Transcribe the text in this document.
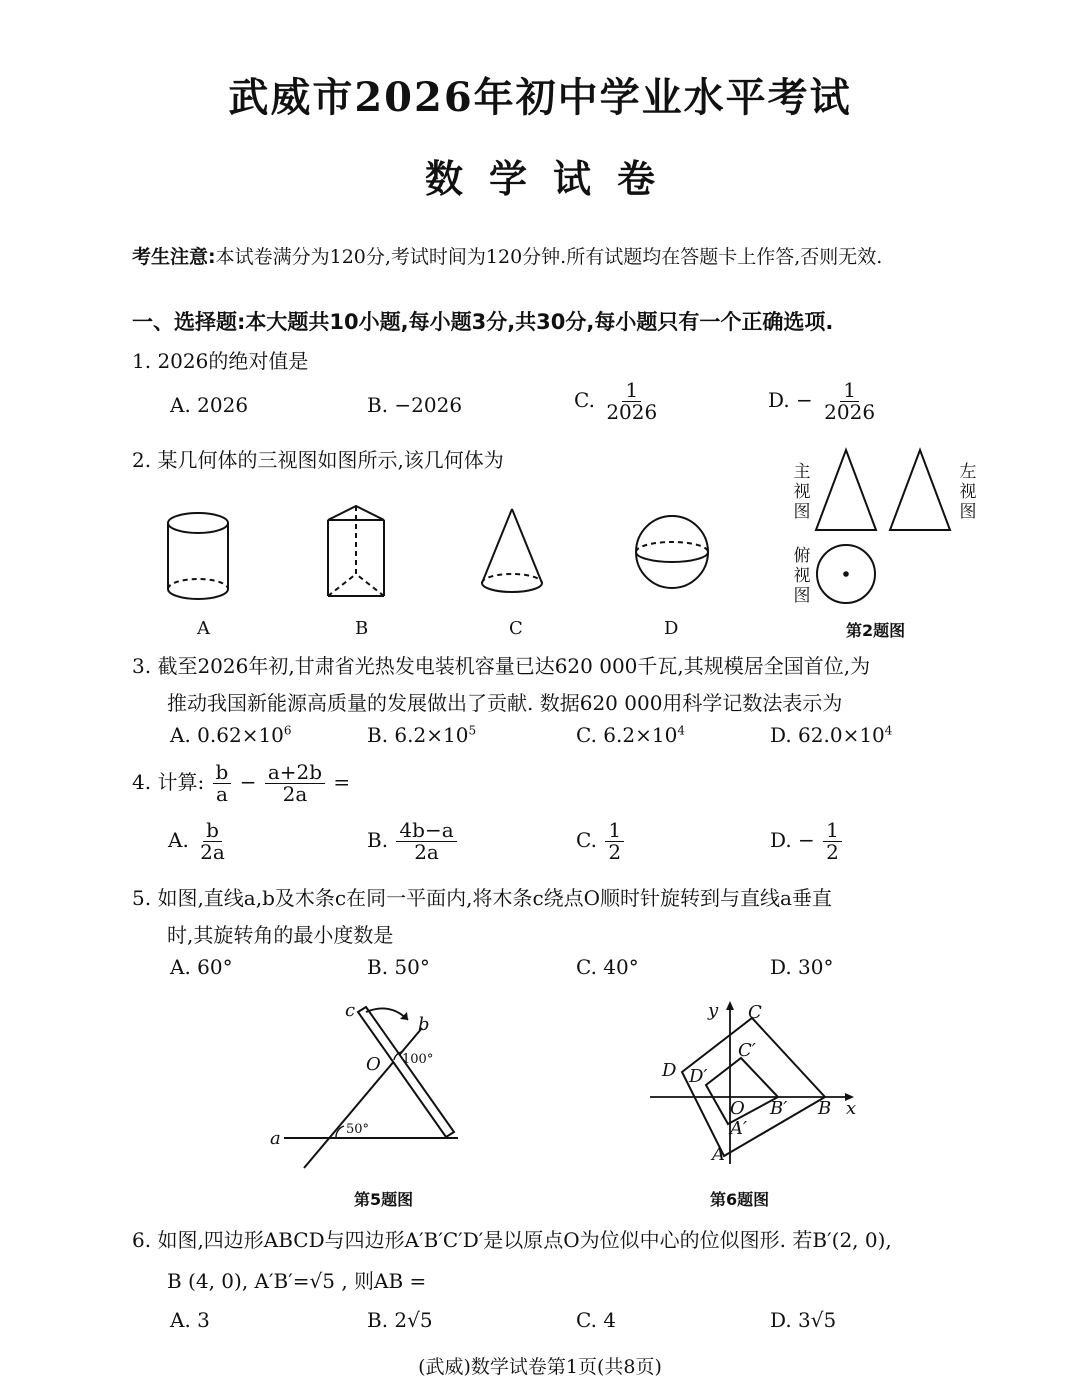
武威市2026年初中学业水平考试
数学试卷
考生注意:本试卷满分为120分,考试时间为120分钟.所有试题均在答题卡上作答,否则无效.
一、选择题:本大题共10小题,每小题3分,共30分,每小题只有一个正确选项.
1. 2026的绝对值是
A. 2026	B. −2026	C. $\frac{1}{2026}$	D. − $\frac{1}{2026}$
2. 某几何体的三视图如图所示,该几何体为
A	B	C	D
主视图
左视图
俯视图
第2题图
3. 截至2026年初,甘肃省光热发电装机容量已达620 000千瓦,其规模居全国首位,为
推动我国新能源高质量的发展做出了贡献. 数据620 000用科学记数法表示为
A. $0.62\times 10^6$	B. $6.2\times 10^5$	C. $6.2\times 10^4$	D. $62.0\times 10^4$
4. 计算: $\frac{b}{a} - \frac{a+2b}{2a}$ =
A. $\frac{b}{2a}$	B. $\frac{4b-a}{2a}$	C. $\frac{1}{2}$	D. − $\frac{1}{2}$
5. 如图,直线a,b及木条c在同一平面内,将木条c绕点O顺时针旋转到与直线a垂直
时,其旋转角的最小度数是
A. 60°	B. 50°	C. 40°	D. 30°
c
b
O 100°
a	50°
第5题图
y C
C′
D D′
O B′ B x
A′
A
第6题图
6. 如图,四边形ABCD与四边形A′B′C′D′是以原点O为位似中心的位似图形. 若B′(2, 0),
B (4, 0), A′B′=√5 , 则AB =
A. 3	B. 2√5	C. 4	D. 3√5
(武威)数学试卷第1页(共8页)
